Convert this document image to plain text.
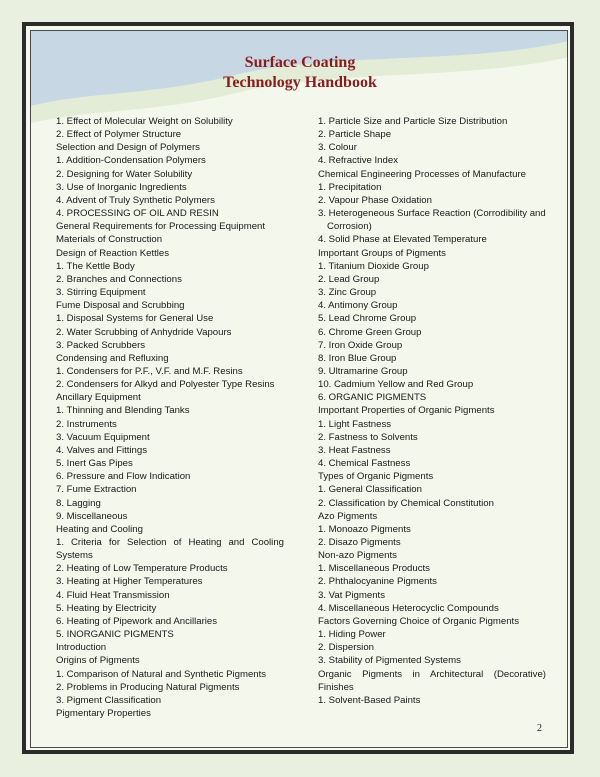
Surface Coating
Technology Handbook
1. Effect of Molecular Weight on Solubility
2. Effect of Polymer Structure
Selection and Design of Polymers
1. Addition-Condensation Polymers
2. Designing for Water Solubility
3. Use of Inorganic Ingredients
4. Advent of Truly Synthetic Polymers
4. PROCESSING OF OIL AND RESIN
General Requirements for Processing Equipment
Materials of Construction
Design of Reaction Kettles
1. The Kettle Body
2. Branches and Connections
3. Stirring Equipment
Fume Disposal and Scrubbing
1. Disposal Systems for General Use
2. Water Scrubbing of Anhydride Vapours
3. Packed Scrubbers
Condensing and Refluxing
1. Condensers for P.F., V.F. and M.F. Resins
2. Condensers for Alkyd and Polyester Type Resins
Ancillary Equipment
1. Thinning and Blending Tanks
2. Instruments
3. Vacuum Equipment
4. Valves and Fittings
5. Inert Gas Pipes
6. Pressure and Flow Indication
7. Fume Extraction
8. Lagging
9. Miscellaneous
Heating and Cooling
1. Criteria for Selection of Heating and Cooling Systems
2. Heating of Low Temperature Products
3. Heating at Higher Temperatures
4. Fluid Heat Transmission
5. Heating by Electricity
6. Heating of Pipework and Ancillaries
5. INORGANIC PIGMENTS
Introduction
Origins of Pigments
1. Comparison of Natural and Synthetic Pigments
2. Problems in Producing Natural Pigments
3. Pigment Classification
Pigmentary Properties
1. Particle Size and Particle Size Distribution
2. Particle Shape
3. Colour
4. Refractive Index
Chemical Engineering Processes of Manufacture
1. Precipitation
2. Vapour Phase Oxidation
3. Heterogeneous Surface Reaction (Corrodibility and
Corrosion)
4. Solid Phase at Elevated Temperature
Important Groups of Pigments
1. Titanium Dioxide Group
2. Lead Group
3. Zinc Group
4. Antimony Group
5. Lead Chrome Group
6. Chrome Green Group
7. Iron Oxide Group
8. Iron Blue Group
9. Ultramarine Group
10. Cadmium Yellow and Red Group
6. ORGANIC PIGMENTS
Important Properties of Organic Pigments
1. Light Fastness
2. Fastness to Solvents
3. Heat Fastness
4. Chemical Fastness
Types of Organic Pigments
1. General Classification
2. Classification by Chemical Constitution
Azo Pigments
1. Monoazo Pigments
2. Disazo Pigments
Non-azo Pigments
1. Miscellaneous Products
2. Phthalocyanine Pigments
3. Vat Pigments
4. Miscellaneous Heterocyclic Compounds
Factors Governing Choice of Organic Pigments
1. Hiding Power
2. Dispersion
3. Stability of Pigmented Systems
Organic Pigments in Architectural (Decorative) Finishes
1. Solvent-Based Paints
2
